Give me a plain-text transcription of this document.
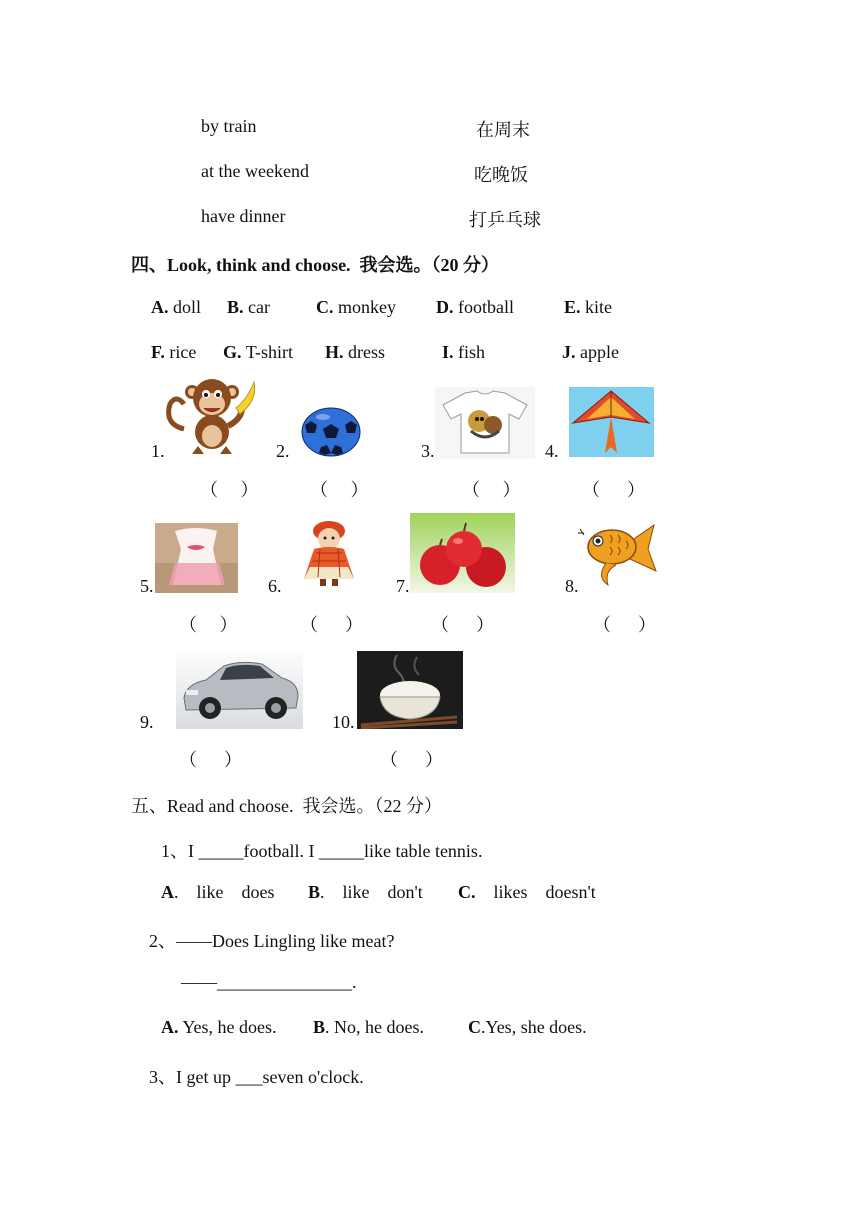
by train	在周末
at the weekend	吃晚饭
have dinner	打乒乓球
四、Look, think and choose.  我会选。（20 分）
A. doll B. car	C. monkey D. football	E. kite
F. rice G. T-shirt H. dress	I. fish	J. apple
1.	2.	3.	4.
5.	6.	7.	8.
9.	10.
（     ）	（     ）	（     ）	（      ）
（     ）	（      ）	（      ）	（      ）
（      ）	（      ）
五、Read and choose.  我会选。（22 分）
1、I _____football. I _____like table tennis.
A.    like    does B.    like    don't C.    likes    doesn't
2、——Does Lingling like meat?
——_______________.
A. Yes, he does. B. No, he does. C.Yes, she does.
3、I get up ___seven o'clock.
